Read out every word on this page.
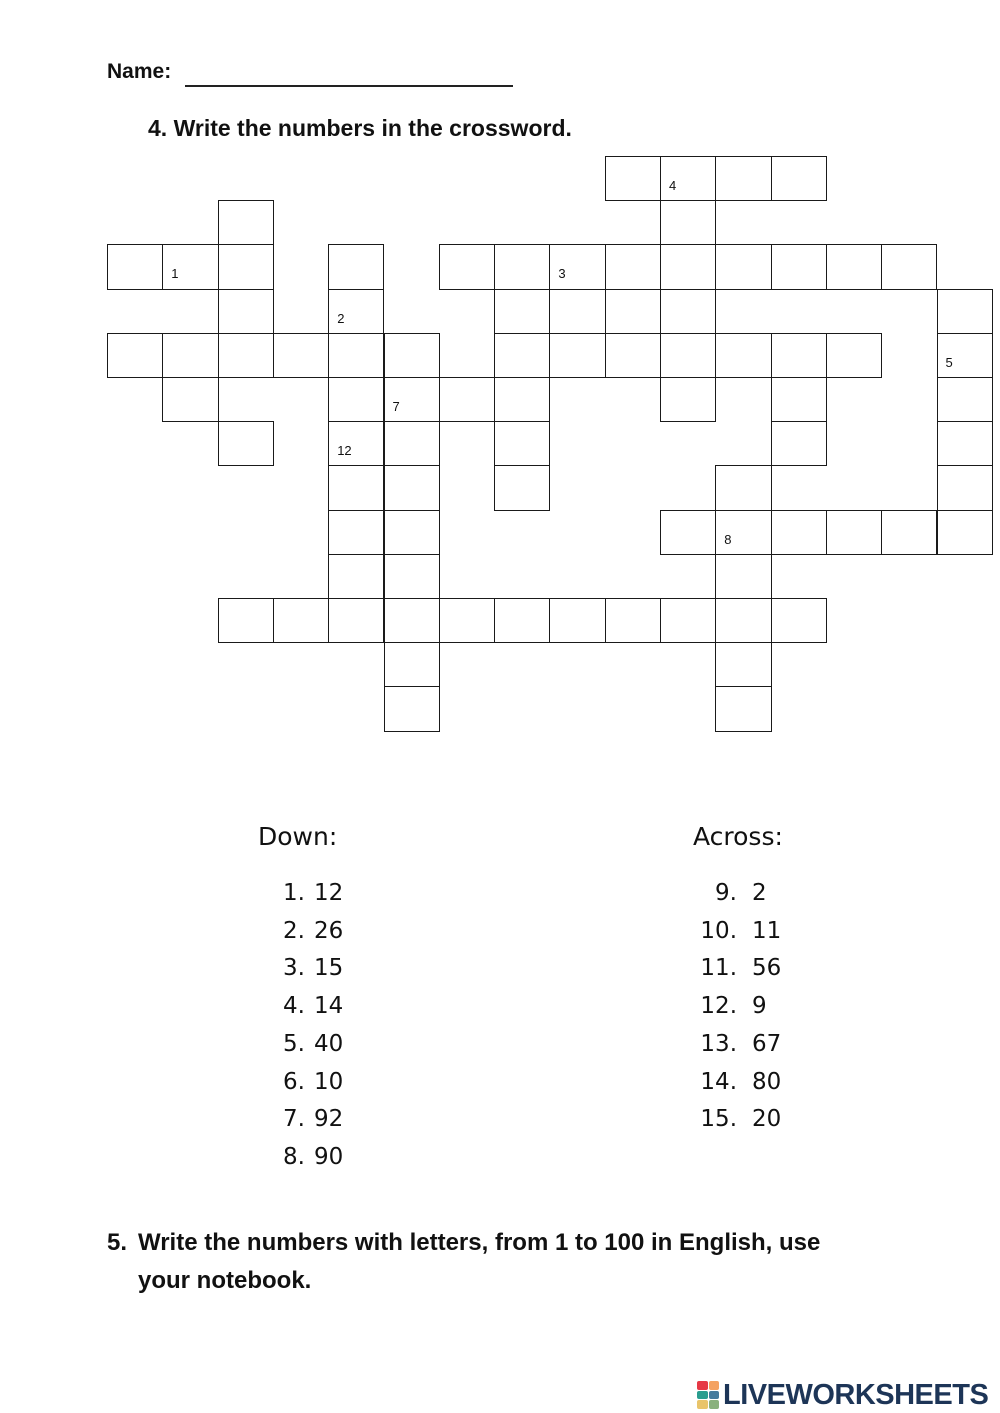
Name:
4. Write the numbers in the crossword.
4
1	3
2
5
7
12
8
Down:	Across:
1. 12
2. 26
3. 15
4. 14
5. 40
6. 10
7. 92
8. 90
9. 2
10. 11
11. 56
12. 9
13. 67
14. 80
15. 20
5. Write the numbers with letters, from 1 to 100 in English, use
your notebook.
LIVEWORKSHEETS
